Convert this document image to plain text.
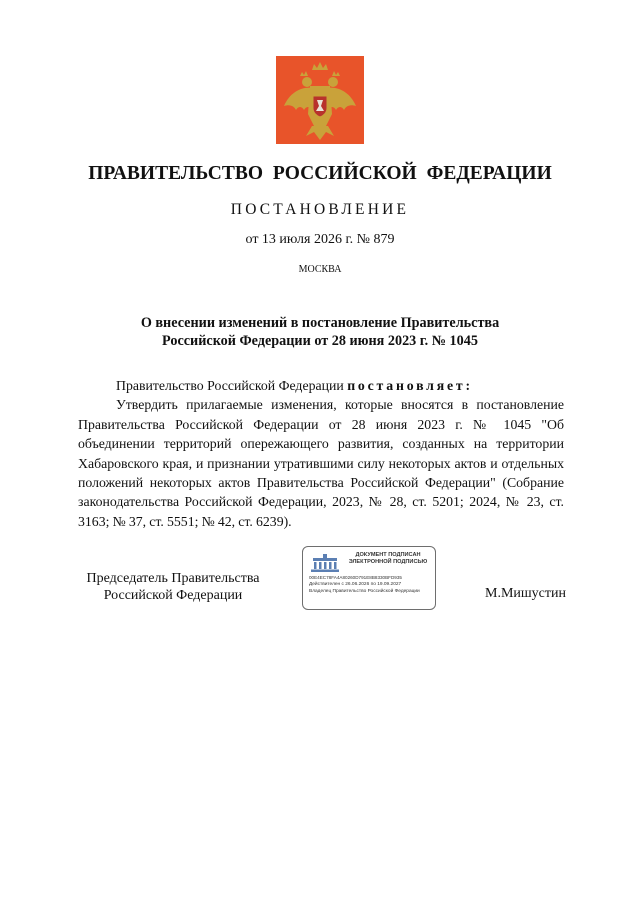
ПРАВИТЕЛЬСТВО РОССИЙСКОЙ ФЕДЕРАЦИИ
ПОСТАНОВЛЕНИЕ
от 13 июля 2026 г. № 879
МОСКВА
О внесении изменений в постановление Правительства
Российской Федерации от 28 июня 2023 г. № 1045

Правительство Российской Федерации постановляет:

Утвердить прилагаемые изменения, которые вносятся в постановление Правительства Российской Федерации от 28 июня 2023 г. № 1045 "Об объединении территорий опережающего развития, созданных на территории Хабаровского края, и признании утратившими силу некоторых актов и отдельных положений некоторых актов Правительства Российской Федерации" (Собрание законодательства Российской Федерации, 2023, № 28, ст. 5201; 2024, № 23, ст. 3163; № 37, ст. 5551; № 42, ст. 6239).

Председатель Правительства
Российской Федерации
ДОКУМЕНТ ПОДПИСАН
ЭЛЕКТРОННОЙ ПОДПИСЬЮ
00E4EC78FA4A80260D791E8B8330BFD935
Действителен с 26.06.2026 по 19.09.2027
Владелец Правительство Российской Федерации	М.Мишустин
